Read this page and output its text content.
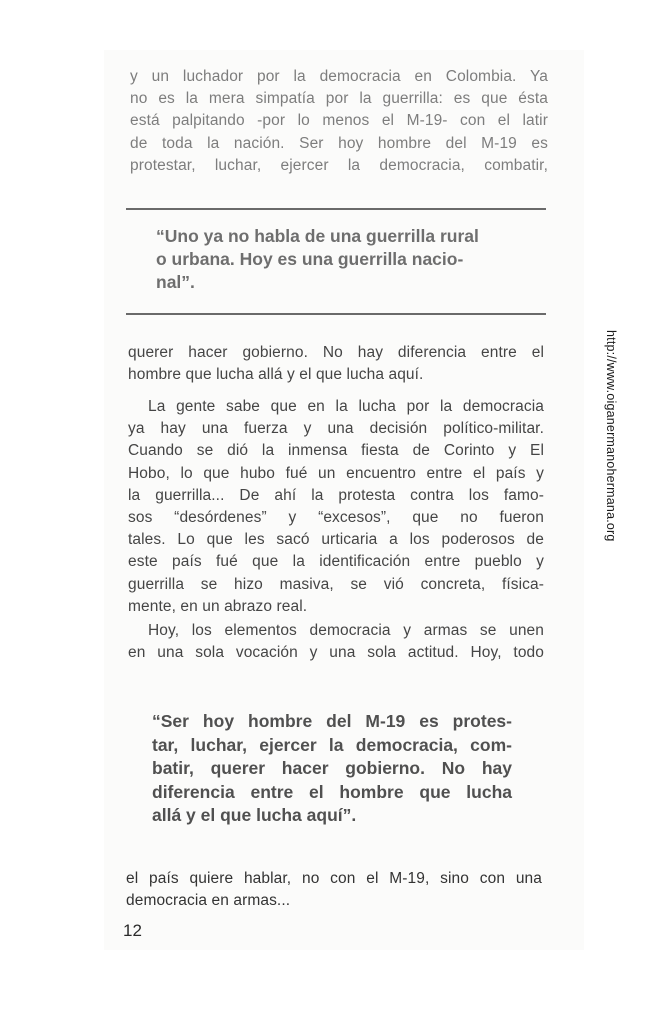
y un luchador por la democracia en Colombia. Ya
no es la mera simpatía por la guerrilla: es que ésta
está palpitando -por lo menos el M-19- con el latir
de toda la nación. Ser hoy hombre del M-19 es
protestar, luchar, ejercer la democracia, combatir,
“Uno ya no habla de una guerrilla rural
o urbana. Hoy es una guerrilla nacio-
nal”.
querer hacer gobierno. No hay diferencia entre el
hombre que lucha allá y el que lucha aquí.
La gente sabe que en la lucha por la democracia
ya hay una fuerza y una decisión político-militar.
Cuando se dió la inmensa fiesta de Corinto y El
Hobo, lo que hubo fué un encuentro entre el país y
la guerrilla... De ahí la protesta contra los famo-
sos “desórdenes” y “excesos”, que no fueron
tales. Lo que les sacó urticaria a los poderosos de
este país fué que la identificación entre pueblo y
guerrilla se hizo masiva, se vió concreta, física-
mente, en un abrazo real.
Hoy, los elementos democracia y armas se unen
en una sola vocación y una sola actitud. Hoy, todo
“Ser hoy hombre del M-19 es protes-
tar, luchar, ejercer la democracia, com-
batir, querer hacer gobierno. No hay
diferencia entre el hombre que lucha
allá y el que lucha aquí”.
el país quiere hablar, no con el M-19, sino con una
democracia en armas...
12
http://www.oiganermanohermana.org
